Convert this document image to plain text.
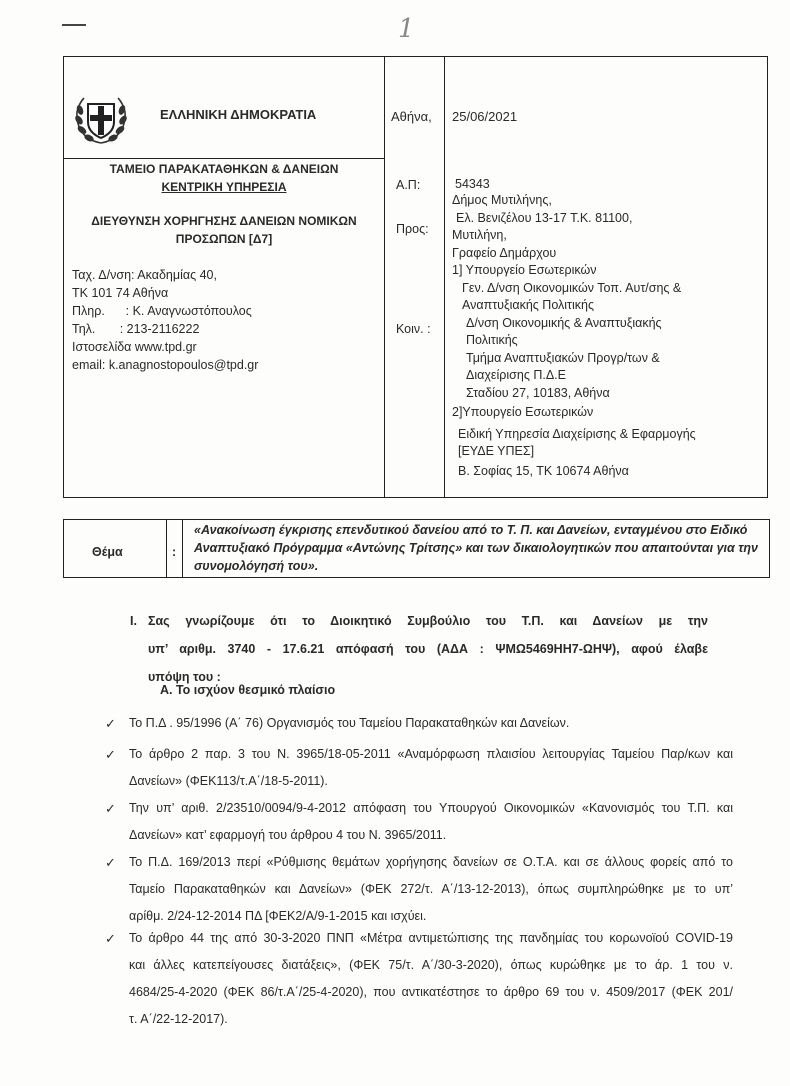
1
ΕΛΛΗΝΙΚΗ ΔΗΜΟΚΡΑΤΙΑ	Αθήνα, 25/06/2021
ΤΑΜΕΙΟ ΠΑΡΑΚΑΤΑΘΗΚΩΝ & ΔΑΝΕΙΩΝ
ΚΕΝΤΡΙΚΗ ΥΠΗΡΕΣΙΑ
ΔΙΕΥΘΥΝΣΗ ΧΟΡΗΓΗΣΗΣ ΔΑΝΕΙΩΝ ΝΟΜΙΚΩΝ
ΠΡΟΣΩΠΩΝ [Δ7]
Ταχ. Δ/νση: Ακαδημίας 40,
ΤΚ 101 74 Αθήνα
Πληρ.      : Κ. Αναγνωστόπουλος
Τηλ.       : 213-2116222
Ιστοσελίδα www.tpd.gr
email: k.anagnostopoulos@tpd.gr
Α.Π:
Προς:
Κοιν. :
54343
Δήμος Μυτιλήνης,
Ελ. Βενιζέλου 13-17 Τ.Κ. 81100,
Μυτιλήνη,
Γραφείο Δημάρχου
1] Υπουργείο Εσωτερικών
Γεν. Δ/νση Οικονομικών Τοπ. Αυτ/σης &
Αναπτυξιακής Πολιτικής
Δ/νση Οικονομικής & Αναπτυξιακής
Πολιτικής
Τμήμα Αναπτυξιακών Προγρ/των &
Διαχείρισης Π.Δ.Ε
Σταδίου 27, 10183, Αθήνα
2]Υπουργείο Εσωτερικών
Ειδική Υπηρεσία Διαχείρισης & Εφαρμογής
[ΕΥΔΕ ΥΠΕΣ]
Β. Σοφίας 15, ΤΚ 10674 Αθήνα
Θέμα	:
«Ανακοίνωση έγκρισης επενδυτικού δανείου από το Τ. Π. και Δανείων, ενταγμένου στο Ειδικό Αναπτυξιακό Πρόγραμμα «Αντώνης Τρίτσης» και των δικαιολογητικών που απαιτούνται για την συνομολόγησή του».
I. Σας γνωρίζουμε ότι το Διοικητικό Συμβούλιο του Τ.Π. και Δανείων με την
υπ’ αριθμ. 3740 - 17.6.21 απόφασή του (ΑΔΑ : ΨΜΩ5469ΗΗ7-ΩΗΨ), αφού έλαβε
υπόψη του :
Α. Το ισχύον θεσμικό πλαίσιο
✓ Το Π.Δ . 95/1996 (Α΄ 76) Οργανισμός του Ταμείου Παρακαταθηκών και Δανείων.
✓ Το άρθρο 2 παρ. 3 του Ν. 3965/18-05-2011 «Αναμόρφωση πλαισίου λειτουργίας Ταμείου Παρ/κων και
Δανείων» (ΦΕΚ113/τ.Α΄/18-5-2011).
✓ Την υπ’ αριθ. 2/23510/0094/9-4-2012 απόφαση του Υπουργού Οικονομικών «Κανονισμός του Τ.Π. και
Δανείων» κατ’ εφαρμογή του άρθρου 4 του Ν. 3965/2011.
✓ Το Π.Δ. 169/2013 περί «Ρύθμισης θεμάτων χορήγησης δανείων σε Ο.Τ.Α. και σε άλλους φορείς από το
Ταμείο Παρακαταθηκών και Δανείων» (ΦΕΚ 272/τ. Α΄/13-12-2013), όπως συμπληρώθηκε με το υπ’
αρίθμ. 2/24-12-2014 ΠΔ [ΦΕΚ2/Α/9-1-2015 και ισχύει.
✓ Το άρθρο 44 της από 30-3-2020 ΠΝΠ «Μέτρα αντιμετώπισης της πανδημίας του κορωνοϊού COVID-19
και άλλες κατεπείγουσες διατάξεις», (ΦΕΚ 75/τ. Α΄/30-3-2020), όπως κυρώθηκε με το άρ. 1 του ν.
4684/25-4-2020 (ΦΕΚ 86/τ.Α΄/25-4-2020), που αντικατέστησε το άρθρο 69 του ν. 4509/2017 (ΦΕΚ 201/
τ. Α΄/22-12-2017).
